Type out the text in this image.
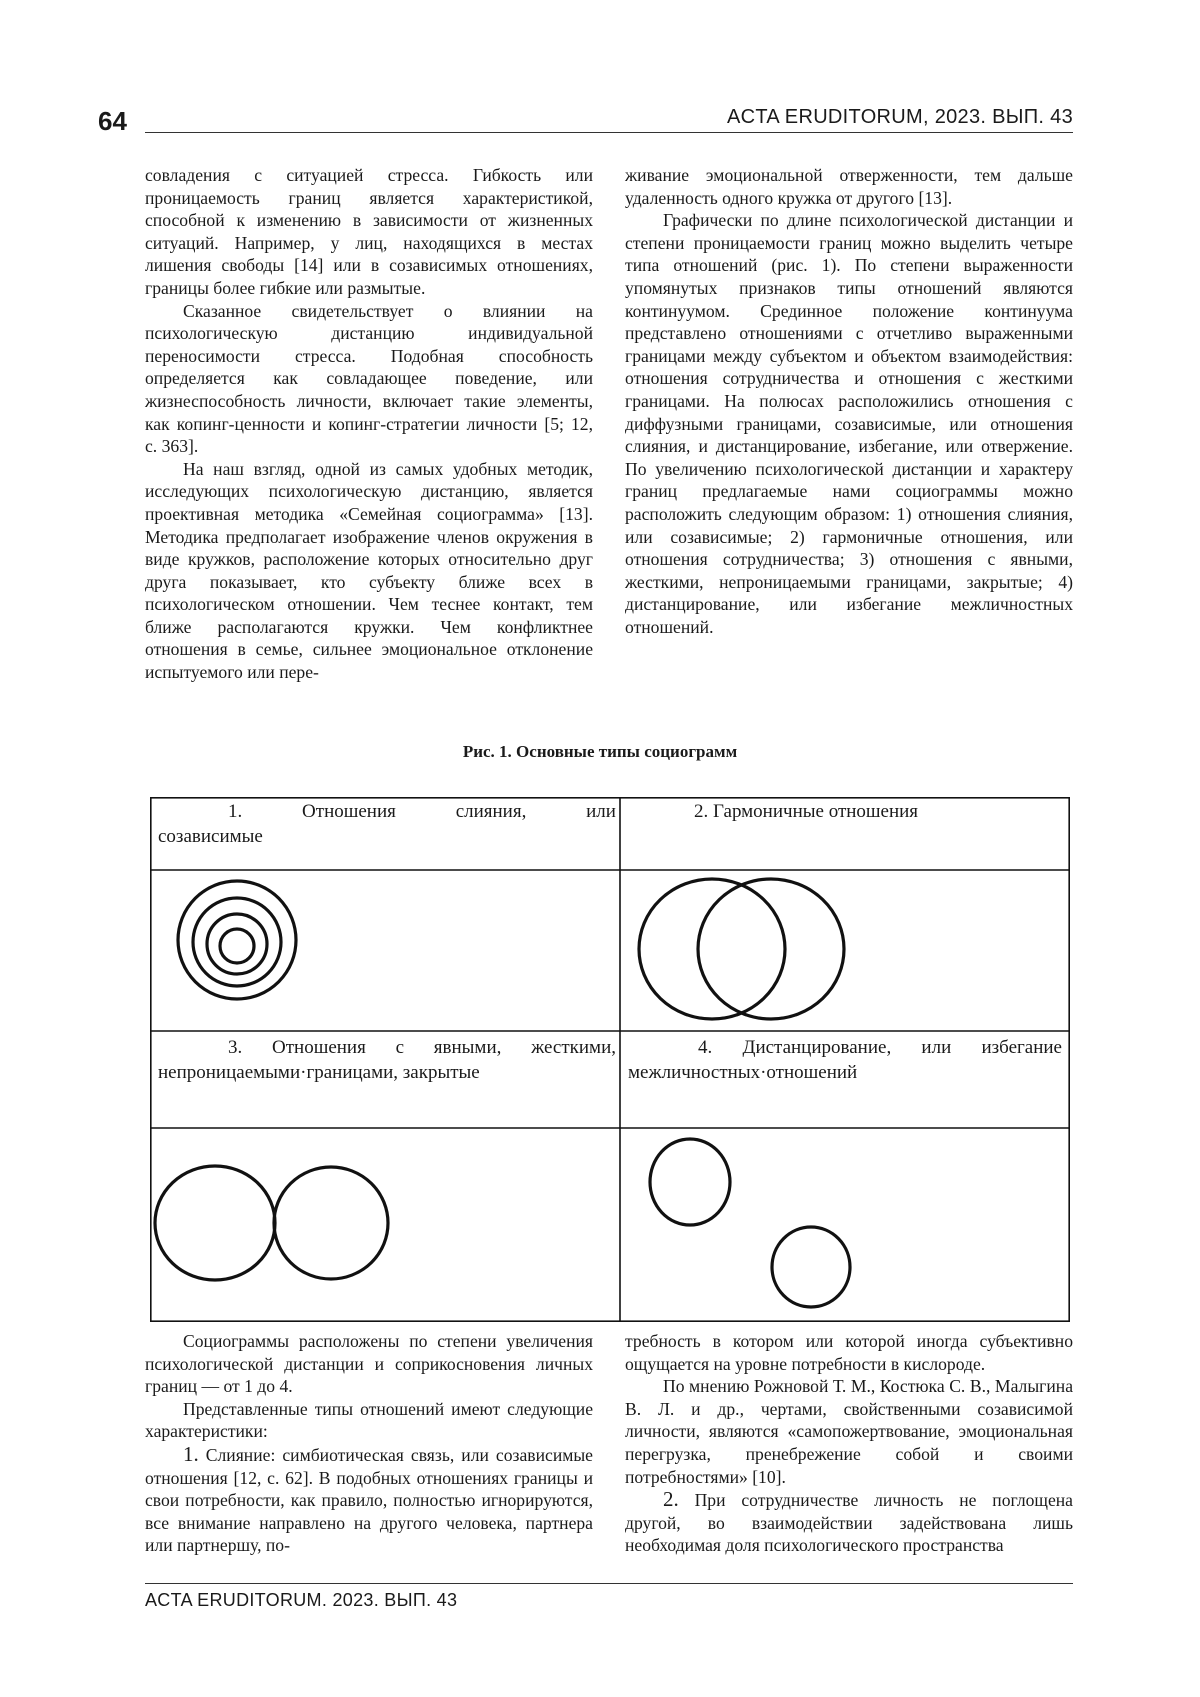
64	ACTA ERUDITORUM, 2023. ВЫП. 43

совладения с ситуацией стресса. Гибкость или проницаемость границ является характеристикой, способной к изменению в зависимости от жизненных ситуаций. Например, у лиц, находящихся в местах лишения свободы [14] или в созависимых отношениях, границы более гибкие или размытые.

Сказанное свидетельствует о влиянии на психологическую дистанцию индивидуальной переносимости стресса. Подобная способность определяется как совладающее поведение, или жизнеспособность личности, включает такие элементы, как копинг-ценности и копинг-стратегии личности [5; 12, с. 363].

На наш взгляд, одной из самых удобных методик, исследующих психологическую дистанцию, является проективная методика «Семейная социограмма» [13]. Методика предполагает изображение членов окружения в виде кружков, расположение которых относительно друг друга показывает, кто субъекту ближе всех в психологическом отношении. Чем теснее контакт, тем ближе располагаются кружки. Чем конфликтнее отношения в семье, сильнее эмоциональное отклонение испытуемого или пере-

живание эмоциональной отверженности, тем дальше удаленность одного кружка от другого [13].

Графически по длине психологической дистанции и степени проницаемости границ можно выделить четыре типа отношений (рис. 1). По степени выраженности упомянутых признаков типы отношений являются континуумом. Срединное положение континуума представлено отношениями с отчетливо выраженными границами между субъектом и объектом взаимодействия: отношения сотрудничества и отношения с жесткими границами. На полюсах расположились отношения с диффузными границами, созависимые, или отношения слияния, и дистанцирование, избегание, или отвержение. По увеличению психологической дистанции и характеру границ предлагаемые нами социограммы можно расположить следующим образом: 1) отношения слияния, или созависимые; 2) гармоничные отношения, или отношения сотрудничества; 3) отношения с явными, жесткими, непроницаемыми границами, закрытые; 4) дистанцирование, или избегание межличностных отношений.

Рис. 1. Основные типы социограмм
1.	Отношения	слияния,	или
созависимые
2. Гармоничные отношения
3. Отношения с явными, жесткими,
непроницаемыми·границами, закрытые
4. Дистанцирование, или избегание
межличностных·отношений

Социограммы расположены по степени увеличения психологической дистанции и соприкосновения личных границ — от 1 до 4.

Представленные типы отношений имеют следующие характеристики:

1. Слияние: симбиотическая связь, или созависимые отношения [12, с. 62]. В подобных отношениях границы и свои потребности, как правило, полностью игнорируются, все внимание направлено на другого человека, партнера или партнершу, по-

требность в котором или которой иногда субъективно ощущается на уровне потребности в кислороде.

По мнению Рожновой Т. М., Костюка С. В., Малыгина В. Л. и др., чертами, свойственными созависимой личности, являются «самопожертвование, эмоциональная перегрузка, пренебрежение собой и своими потребностями» [10].

2. При сотрудничестве личность не поглощена другой, во взаимодействии задействована лишь необходимая доля психологического пространства

ACTA ERUDITORUM. 2023. ВЫП. 43
